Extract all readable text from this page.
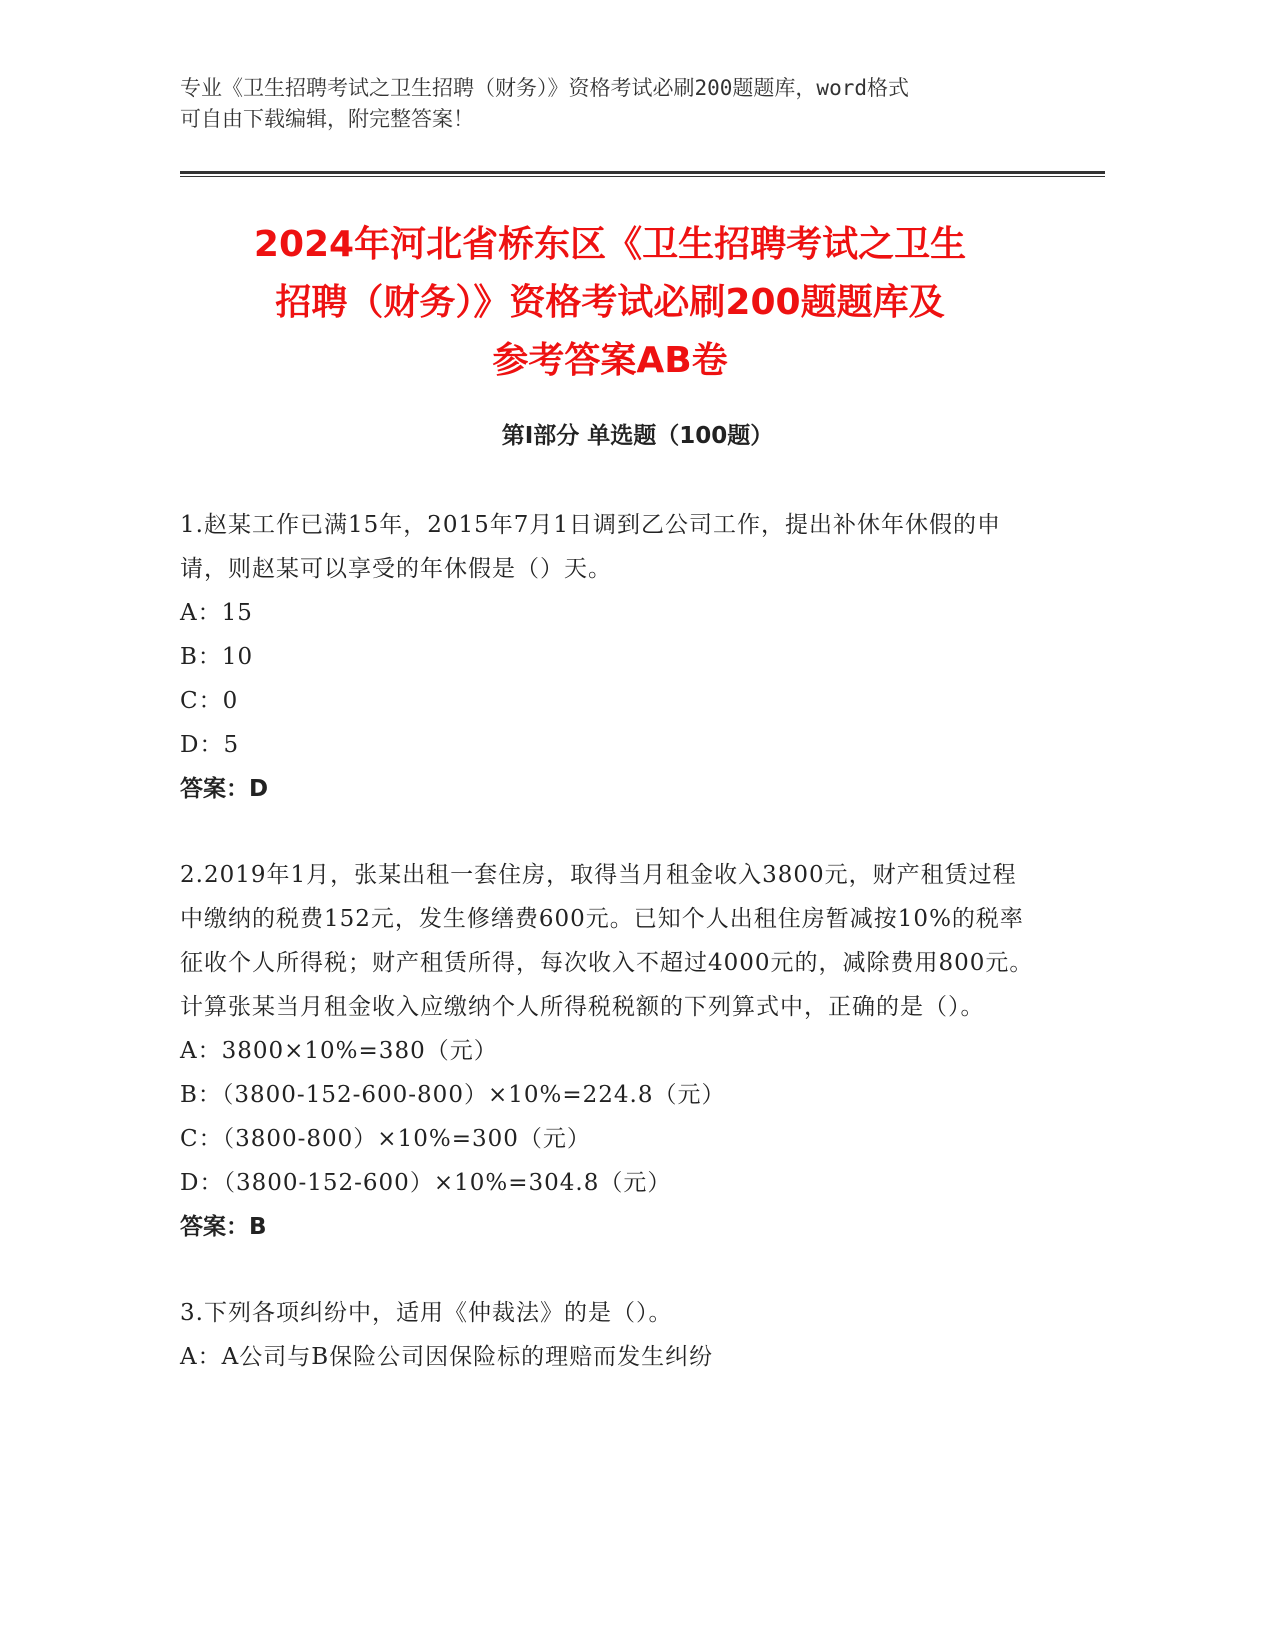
专业《卫生招聘考试之卫生招聘（财务）》资格考试必刷200题题库，word格式
可自由下载编辑，附完整答案！
2024年河北省桥东区《卫生招聘考试之卫生
招聘（财务）》资格考试必刷200题题库及
参考答案AB卷
第Ⅰ部分 单选题（100题）
1.赵某工作已满15年，2015年7月1日调到乙公司工作，提出补休年休假的申请，则赵某可以享受的年休假是（）天。
A：15
B：10
C：0
D：5
答案：D
2.2019年1月，张某出租一套住房，取得当月租金收入3800元，财产租赁过程中缴纳的税费152元，发生修缮费600元。已知个人出租住房暂减按10%的税率征收个人所得税；财产租赁所得，每次收入不超过4000元的，减除费用800元。计算张某当月租金收入应缴纳个人所得税税额的下列算式中，正确的是（）。
A：3800×10%=380（元）
B：（3800-152-600-800）×10%=224.8（元）
C：（3800-800）×10%=300（元）
D：（3800-152-600）×10%=304.8（元）
答案：B
3.下列各项纠纷中，适用《仲裁法》的是（）。
A：A公司与B保险公司因保险标的理赔而发生纠纷
